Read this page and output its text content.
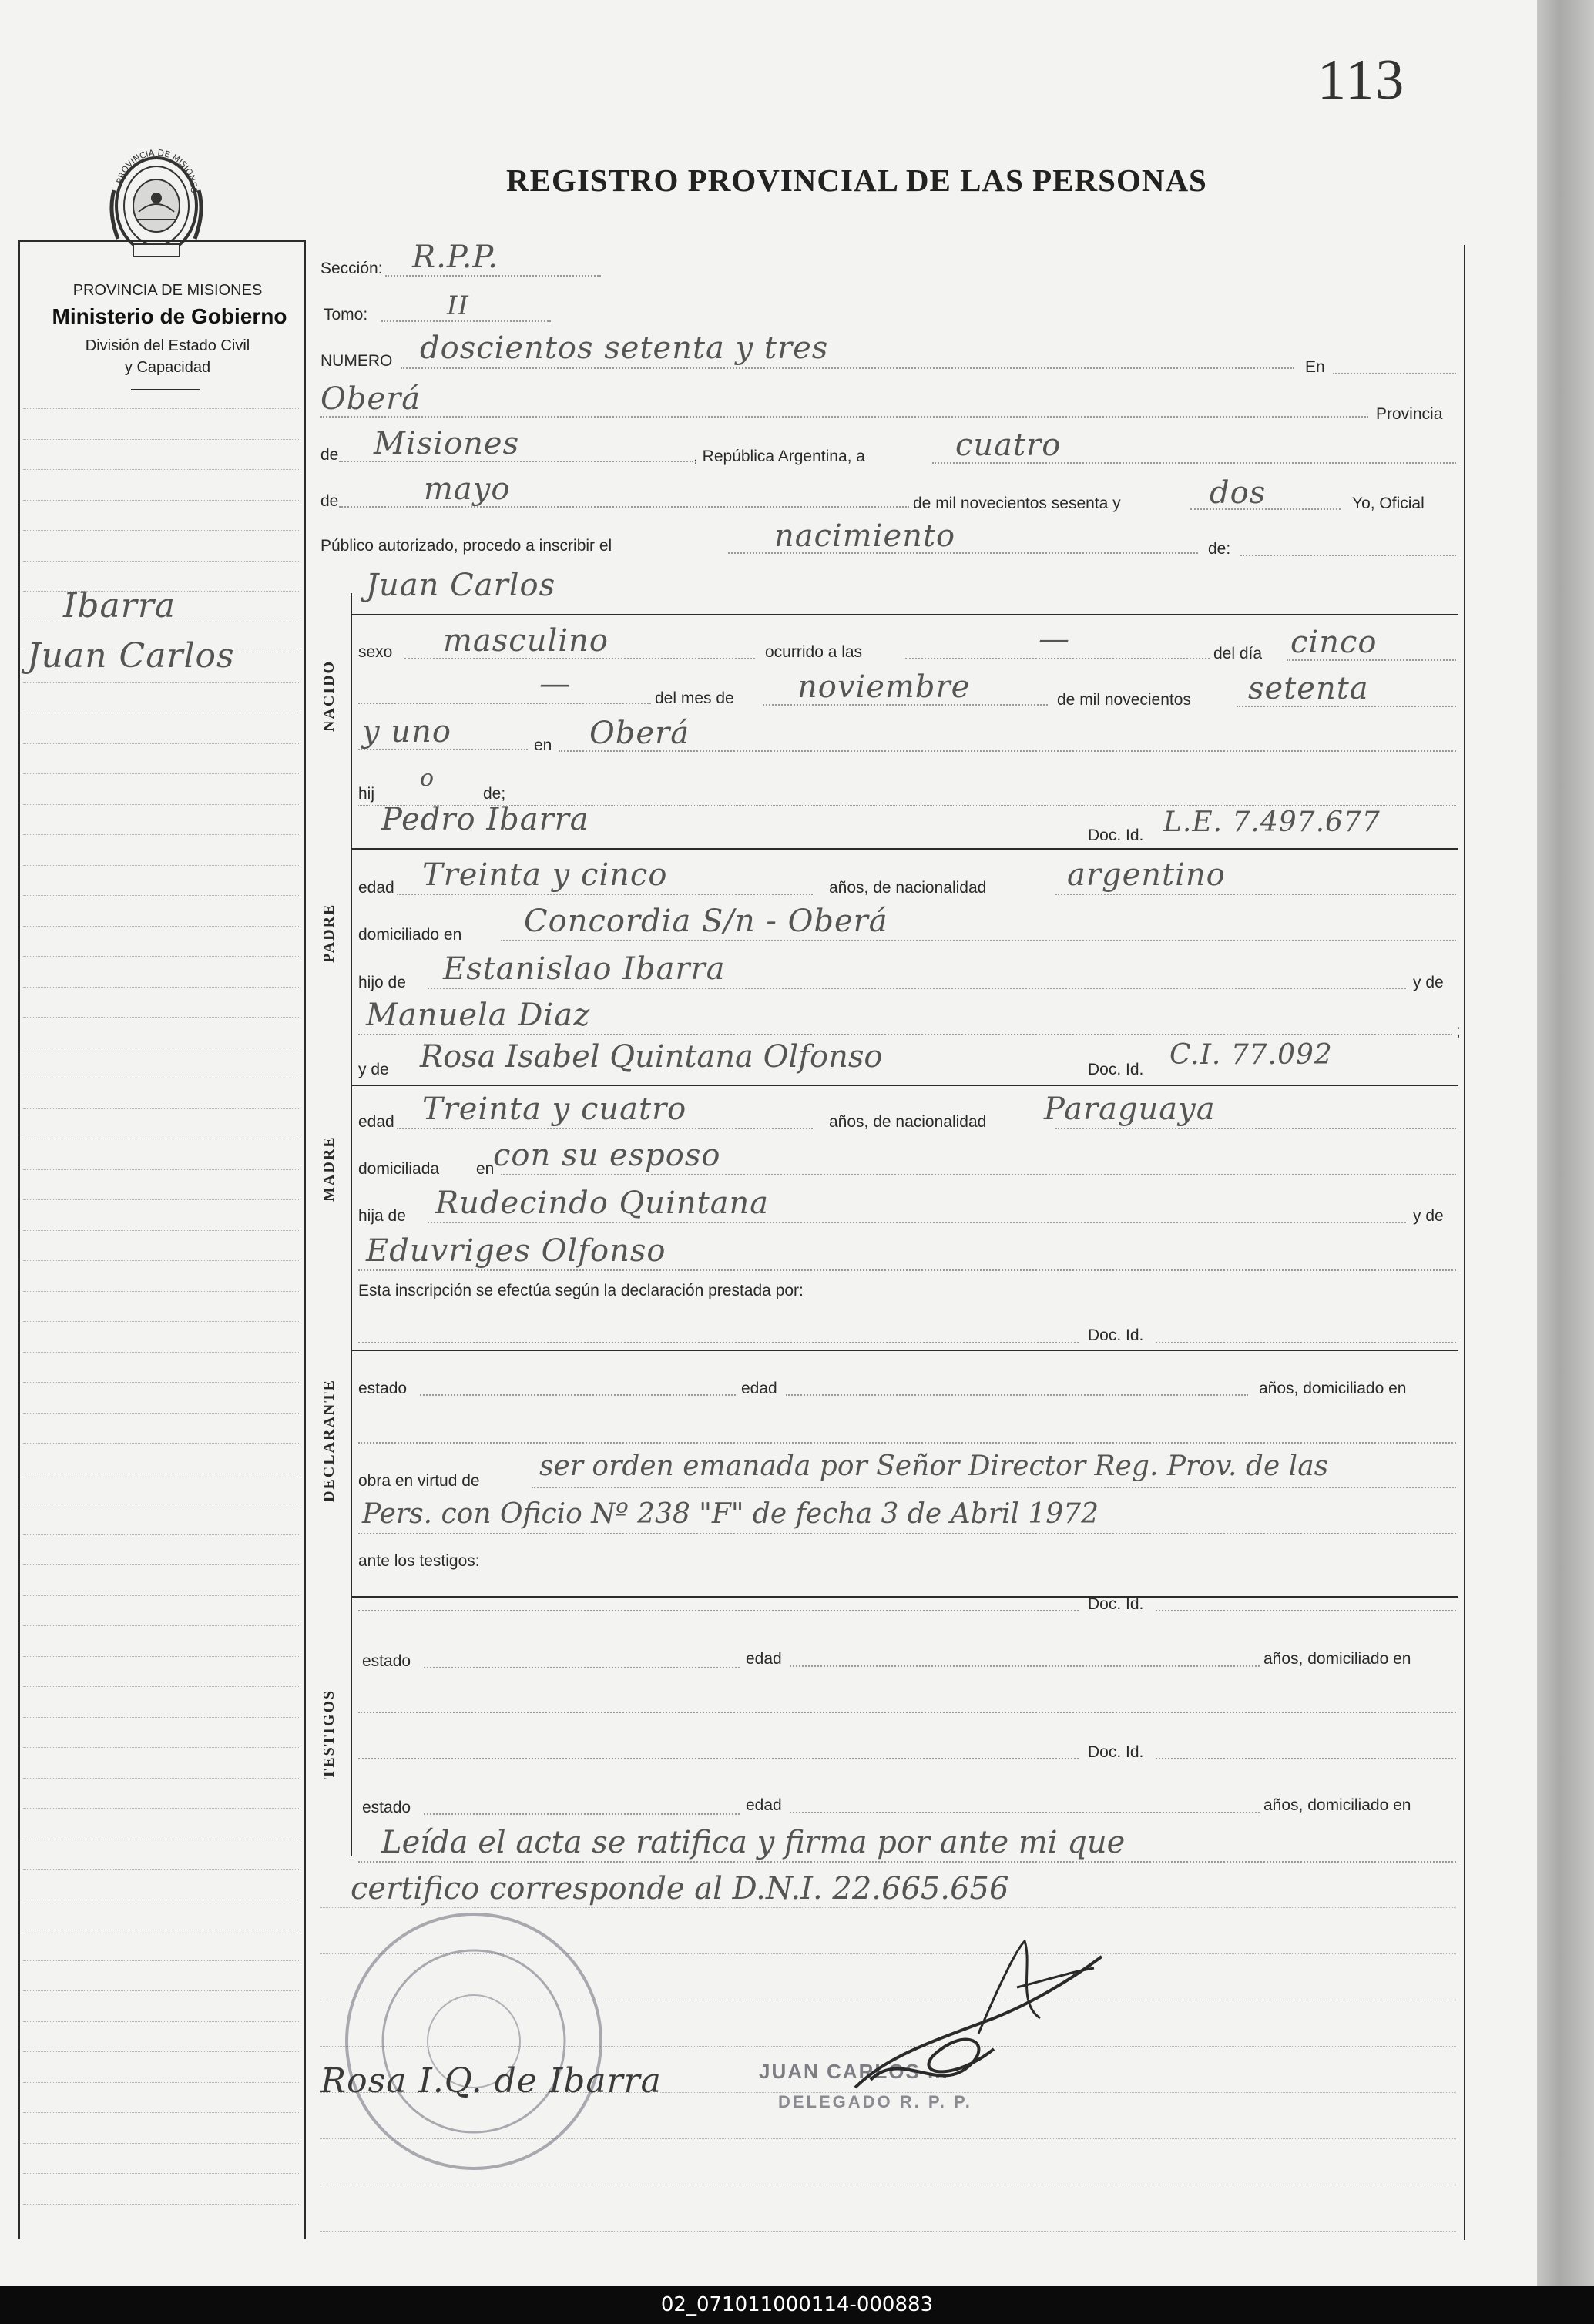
113
REGISTRO PROVINCIAL DE LAS PERSONAS
PROVINCIA DE MISIONES
PROVINCIA DE MISIONES
Ministerio de Gobierno
División del Estado Civil
y Capacidad
Ibarra
Juan Carlos
NACIDO
PADRE
MADRE
DECLARANTE
TESTIGOS
Sección: R.P.P.
Tomo:	II
NUMERO doscientos setenta y tres
En
Oberá	Provincia
de Misiones	, República Argentina, a	cuatro
de	mayo	de mil novecientos sesenta y	dos	Yo, Oficial
Público autorizado, procedo a inscribir el	nacimiento	de:
Juan Carlos
sexo masculino	ocurrido a las	—	del día cinco
—	del mes de noviembre	de mil novecientos setenta
y uno	en Oberá
hij
o
de;
Pedro Ibarra	Doc. Id. L.E. 7.497.677
edad Treinta y cinco	años, de nacionalidad	argentino
domiciliado en Concordia S/n - Oberá
hijo de Estanislao Ibarra	y de
Manuela Diaz	;
y de Rosa Isabel Quintana Olfonso	Doc. Id. C.I. 77.092
edad Treinta y cuatro	años, de nacionalidad Paraguaya
domiciliada en
con su esposo
hija de Rudecindo Quintana	y de
Eduvriges Olfonso
Esta inscripción se efectúa según la declaración prestada por:
Doc. Id.
estado	edad	años, domiciliado en
obra en virtud de ser orden emanada por Señor Director Reg. Prov. de las
Pers. con Oficio Nº 238 "F" de fecha 3 de Abril 1972
ante los testigos:
Doc. Id.
estado	edad	años, domiciliado en
Doc. Id.
estado	edad	años, domiciliado en
Leída el acta se ratifica y firma por ante mi que
certifico corresponde al D.N.I. 22.665.656
Rosa I.Q. de Ibarra	JUAN CARLOS ...
DELEGADO R. P. P.
02_071011000114-000883
